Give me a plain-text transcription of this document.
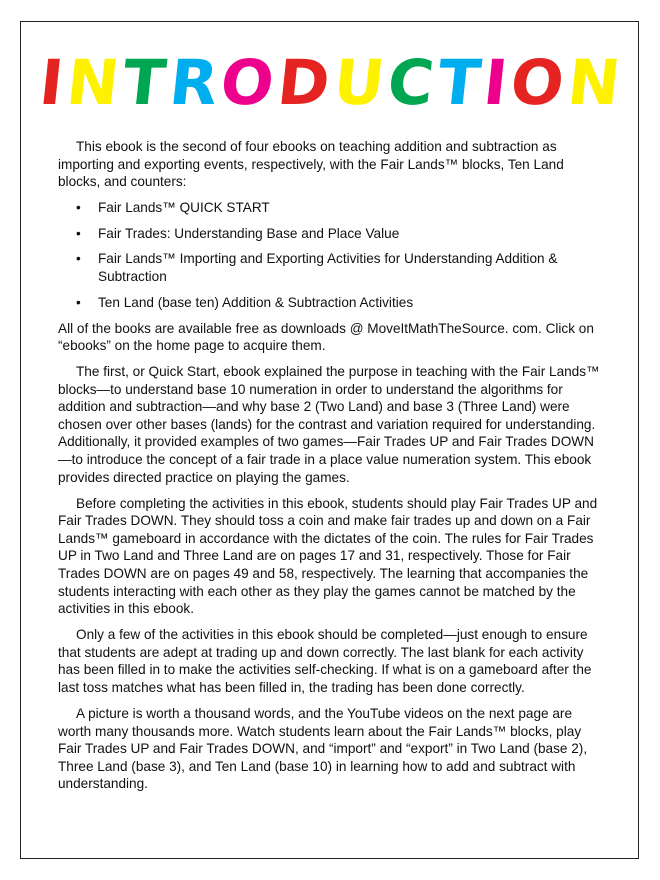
I
N
T
R
O
D
U
C
T
I
O
N

This ebook is the second of four ebooks on teaching addition and subtraction as importing and exporting events, respectively, with the Fair Lands™ blocks, Ten Land blocks, and counters:

• Fair Lands™ QUICK START
• Fair Trades: Understanding Base and Place Value
• Fair Lands™ Importing and Exporting Activities for Understanding Addition & Subtraction
• Ten Land (base ten) Addition & Subtraction Activities

All of the books are available free as downloads @ MoveItMathTheSource. com. Click on “ebooks” on the home page to acquire them.

The first, or Quick Start, ebook explained the purpose in teaching with the Fair Lands™ blocks—to understand base 10 numeration in order to understand the algorithms for addition and subtraction—and why base 2 (Two Land) and base 3 (Three Land) were chosen over other bases (lands) for the contrast and variation required for understanding. Additionally, it provided examples of two games—Fair Trades UP and Fair Trades DOWN—to introduce the concept of a fair trade in a place value numeration system. This ebook provides directed practice on playing the games.

Before completing the activities in this ebook, students should play Fair Trades UP and Fair Trades DOWN. They should toss a coin and make fair trades up and down on a Fair Lands™ gameboard in accordance with the dictates of the coin. The rules for Fair Trades UP in Two Land and Three Land are on pages 17 and 31, respectively. Those for Fair Trades DOWN are on pages 49 and 58, respectively. The learning that accompanies the students interacting with each other as they play the games cannot be matched by the activities in this ebook.

Only a few of the activities in this ebook should be completed—just enough to ensure that students are adept at trading up and down correctly. The last blank for each activity has been filled in to make the activities self-checking. If what is on a gameboard after the last toss matches what has been filled in, the trading has been done correctly.

A picture is worth a thousand words, and the YouTube videos on the next page are worth many thousands more. Watch students learn about the Fair Lands™ blocks, play Fair Trades UP and Fair Trades DOWN, and “import” and “export” in Two Land (base 2), Three Land (base 3), and Ten Land (base 10) in learning how to add and subtract with understanding.
